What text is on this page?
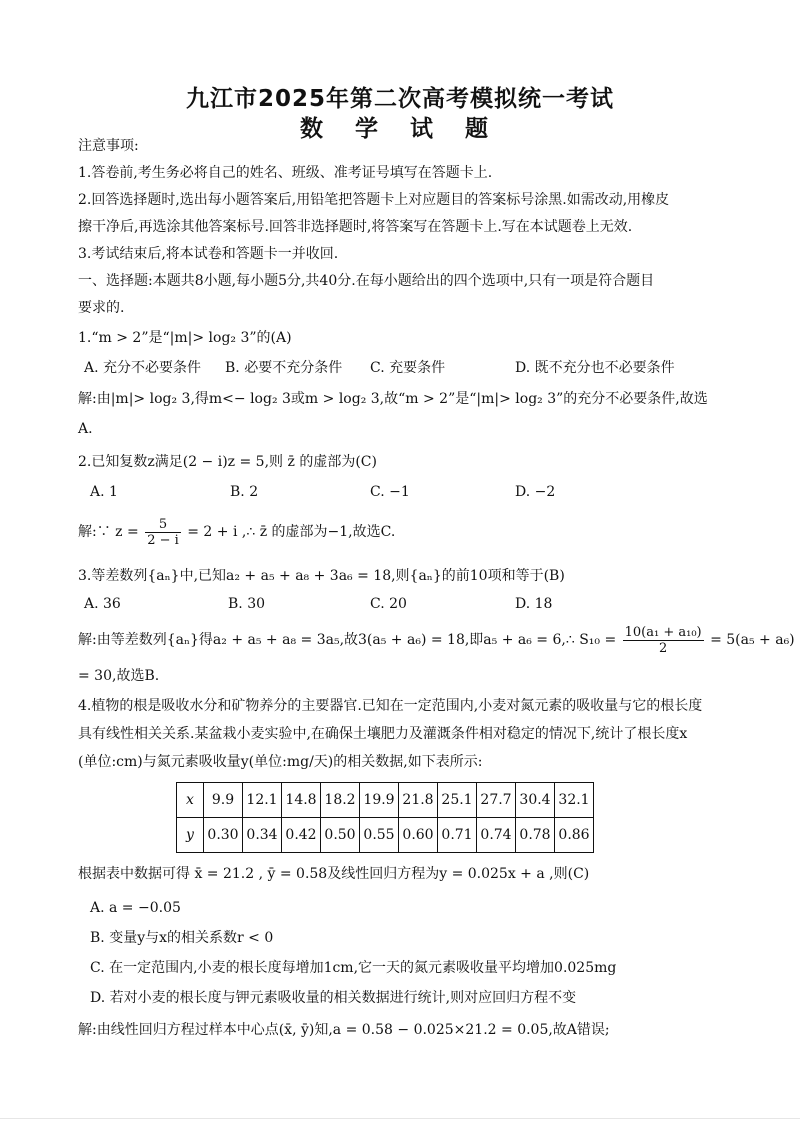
九江市2025年第二次高考模拟统一考试
数 学 试 题
注意事项:
1.答卷前,考生务必将自己的姓名、班级、准考证号填写在答题卡上.
2.回答选择题时,选出每小题答案后,用铅笔把答题卡上对应题目的答案标号涂黑.如需改动,用橡皮
擦干净后,再选涂其他答案标号.回答非选择题时,将答案写在答题卡上.写在本试题卷上无效.
3.考试结束后,将本试卷和答题卡一并收回.
一、选择题:本题共8小题,每小题5分,共40分.在每小题给出的四个选项中,只有一项是符合题目
要求的.
1.“m > 2”是“|m|> log₂ 3”的(A)
A. 充分不必要条件 B. 必要不充分条件 C. 充要条件	D. 既不充分也不必要条件
解:由|m|> log₂ 3,得m<− log₂ 3或m > log₂ 3,故“m > 2”是“|m|> log₂ 3”的充分不必要条件,故选
A.
2.已知复数z满足(2 − i)z = 5,则 z̄ 的虚部为(C)
A. 1	B. 2	C. −1	D. −2
解:∵ $z = \frac{5}{2 - i} = 2 + i$ ,∴ z̄ 的虚部为−1,故选C.
3.等差数列{aₙ}中,已知a₂ + a₅ + a₈ + 3a₆ = 18,则{aₙ}的前10项和等于(B)
A. 36	B. 30	C. 20	D. 18
解:由等差数列{aₙ}得a₂ + a₅ + a₈ = 3a₅,故3(a₅ + a₆) = 18,即a₅ + a₆ = 6,∴ $S_{10} = \frac{\text{10(a₁ + a₁₀)}}{2} = 5(a_5 + a_6)$
= 30,故选B.
4.植物的根是吸收水分和矿物养分的主要器官.已知在一定范围内,小麦对氮元素的吸收量与它的根长度
具有线性相关关系.某盆栽小麦实验中,在确保土壤肥力及灌溉条件相对稳定的情况下,统计了根长度x
(单位:cm)与氮元素吸收量y(单位:mg/天)的相关数据,如下表所示:
x	9.9	12.1	14.8	18.2	19.9	21.8	25.1	27.7	30.4	32.1
y	0.30	0.34	0.42	0.50	0.55	0.60	0.71	0.74	0.78	0.86
根据表中数据可得 x̄ = 21.2 , ȳ = 0.58及线性回归方程为y = 0.025x + a ,则(C)
A. a = −0.05
B. 变量y与x的相关系数r < 0
C. 在一定范围内,小麦的根长度每增加1cm,它一天的氮元素吸收量平均增加0.025mg
D. 若对小麦的根长度与钾元素吸收量的相关数据进行统计,则对应回归方程不变
解:由线性回归方程过样本中心点(x̄, ȳ)知,a = 0.58 − 0.025×21.2 = 0.05,故A错误;
